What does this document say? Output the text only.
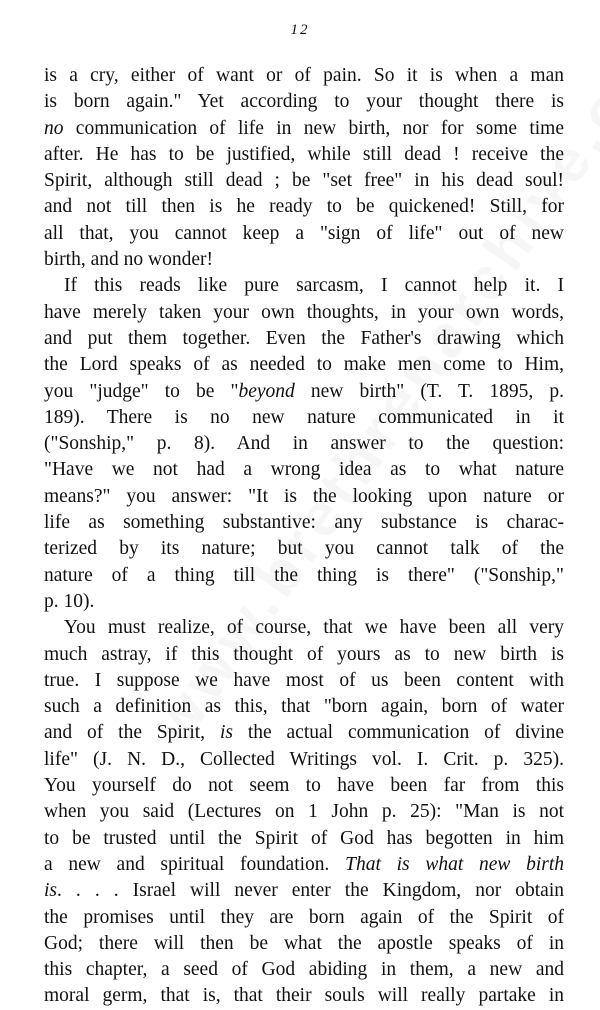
12
is a cry, either of want or of pain. So it is when a man
is born again." Yet according to your thought there is
no communication of life in new birth, nor for some time
after. He has to be justified, while still dead ! receive the
Spirit, although still dead ; be "set free" in his dead soul!
and not till then is he ready to be quickened! Still, for
all that, you cannot keep a "sign of life" out of new
birth, and no wonder!
If this reads like pure sarcasm, I cannot help it. I
have merely taken your own thoughts, in your own words,
and put them together. Even the Father's drawing which
the Lord speaks of as needed to make men come to Him,
you "judge" to be "beyond new birth" (T. T. 1895, p.
189). There is no new nature communicated in it
("Sonship," p. 8). And in answer to the question:
"Have we not had a wrong idea as to what nature
means?" you answer: "It is the looking upon nature or
life as something substantive: any substance is charac-
terized by its nature; but you cannot talk of the
nature of a thing till the thing is there" ("Sonship,"
p. 10).
You must realize, of course, that we have been all very
much astray, if this thought of yours as to new birth is
true. I suppose we have most of us been content with
such a definition as this, that "born again, born of water
and of the Spirit, is the actual communication of divine
life" (J. N. D., Collected Writings vol. I. Crit. p. 325).
You yourself do not seem to have been far from this
when you said (Lectures on 1 John p. 25): "Man is not
to be trusted until the Spirit of God has begotten in him
a new and spiritual foundation. That is what new birth
is. . . . Israel will never enter the Kingdom, nor obtain
the promises until they are born again of the Spirit of
God; there will then be what the apostle speaks of in
this chapter, a seed of God abiding in them, a new and
moral germ, that is, that their souls will really partake in
